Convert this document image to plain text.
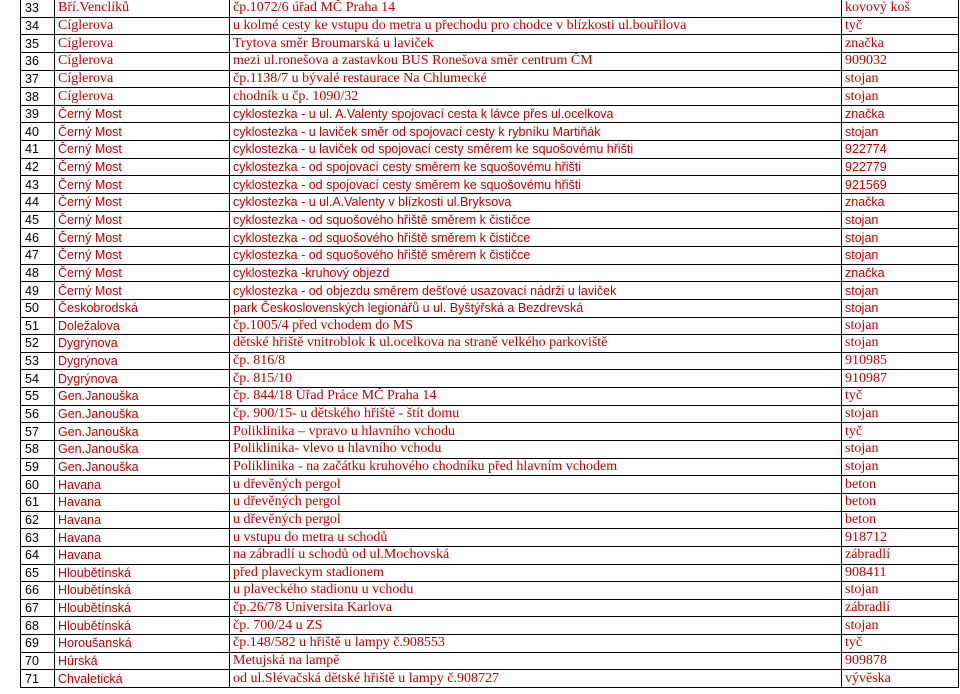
33	Bří.Venclíků	čp.1072/6 úřad MČ Praha 14	kovový koš
34	Cíglerova	u kolmé cesty ke vstupu do metra u přechodu pro chodce v blízkosti ul.bouřilova	tyč
35	Cíglerova	Trytova směr Broumarská u laviček	značka
36	Cíglerova	mezi ul.ronešova a zastavkou BUS Ronešova směr centrum ČM	909032
37	Cíglerova	čp.1138/7 u bývalé restaurace Na Chlumecké	stojan
38	Cíglerova	chodník u čp. 1090/32	stojan
39	Černý Most	cyklostezka - u ul. A.Valenty spojovací cesta k lávce přes ul.ocelkova	značka
40	Černý Most	cyklostezka - u laviček směr od spojovací cesty k rybníku Martiňák	stojan
41	Černý Most	cyklostezka - u laviček od spojovací cesty směrem ke squošovému hřišti	922774
42	Černý Most	cyklostezka - od spojovací cesty směrem ke squošovému hřišti	922779
43	Černý Most	cyklostezka - od spojovací cesty směrem ke squošovému hřišti	921569
44	Černý Most	cyklostezka - u ul.A.Valenty v blízkosti ul.Bryksova	značka
45	Černý Most	cyklostezka - od squošového hřiště směrem k čističce	stojan
46	Černý Most	cyklostezka - od squošového hřiště směrem k čističce	stojan
47	Černý Most	cyklostezka - od squošového hřiště směrem k čističce	stojan
48	Černý Most	cyklostezka -kruhový objezd	značka
49	Černý Most	cyklostezka - od objezdu směrem dešťové usazovací nádrži u laviček	stojan
50	Českobrodská	park Československých legionářů u ul. Byštýřská a Bezdrevská	stojan
51	Doležalova	čp.1005/4 před vchodem do MS	stojan
52	Dygrýnova	dětské hřiště vnitroblok k ul.ocelkova na straně velkého parkoviště	stojan
53	Dygrýnova	čp. 816/8	910985
54	Dygrýnova	čp. 815/10	910987
55	Gen.Janouška	čp. 844/18 Úřad Práce MČ Praha 14	tyč
56	Gen.Janouška	čp. 900/15- u dětského hřiště - štít domu	stojan
57	Gen.Janouška	Poliklinika – vpravo u hlavního vchodu	tyč
58	Gen.Janouška	Poliklinika- vlevo u hlavního vchodu	stojan
59	Gen.Janouška	Poliklinika - na začátku kruhového chodníku před hlavním vchodem	stojan
60	Havana	u dřevěných pergol	beton
61	Havana	u dřevěných pergol	beton
62	Havana	u dřevěných pergol	beton
63	Havana	u vstupu do metra u schodů	918712
64	Havana	na zábradlí u schodů od ul.Mochovská	zábradlí
65	Hloubětínská	před plaveckym stadionem	908411
66	Hloubětínská	u plaveckého stadionu u vchodu	stojan
67	Hloubětínská	čp.26/78 Universita Karlova	zábradlí
68	Hloubětínská	čp. 700/24 u ZS	stojan
69	Horoušanská	čp.148/582 u hřiště u lampy č.908553	tyč
70	Húrská	Metujská na lampě	909878
71	Chvaletická	od ul.Slévačská dětské hřiště u lampy č.908727	vývěska
